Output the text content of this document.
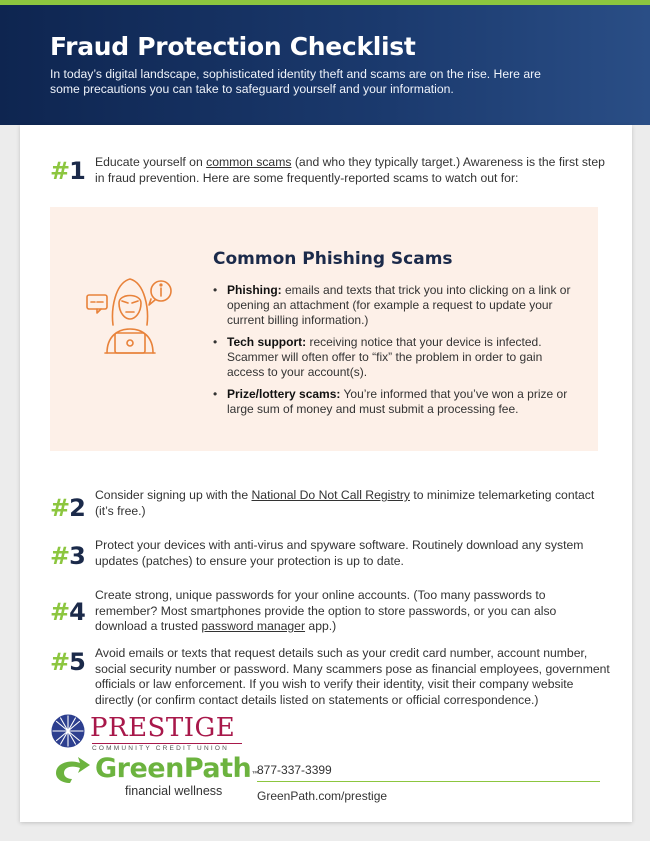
Fraud Protection Checklist

In today’s digital landscape, sophisticated identity theft and scams are on the rise. Here are some precautions you can take to safeguard yourself and your information.

#1 Educate yourself on common scams (and who they typically target.) Awareness is the first step in fraud prevention. Here are some frequently-reported scams to watch out for:
Common Phishing Scams
• Phishing: emails and texts that trick you into clicking on a link or opening an attachment (for example a request to update your current billing information.)
• Tech support: receiving notice that your device is infected. Scammer will often offer to “fix” the problem in order to gain access to your account(s).
• Prize/lottery scams: You’re informed that you’ve won a prize or large sum of money and must submit a processing fee.
#2 Consider signing up with the National Do Not Call Registry to minimize telemarketing contact (it’s free.)
#3 Protect your devices with anti-virus and spyware software. Routinely download any system updates (patches) to ensure your protection is up to date.
#4
Create strong, unique passwords for your online accounts. (Too many passwords to remember? Most smartphones provide the option to store passwords, or you can also download a trusted password manager app.)
#5 Avoid emails or texts that request details such as your credit card number, account number, social security number or password. Many scammers pose as financial employees, government officials or law enforcement. If you wish to verify their identity, visit their company website directly (or confirm contact details listed on statements or official correspondence.)
PRESTIGE
COMMUNITY CREDIT UNION
GreenPath™
financial wellness
877-337-3399
GreenPath.com/prestige
